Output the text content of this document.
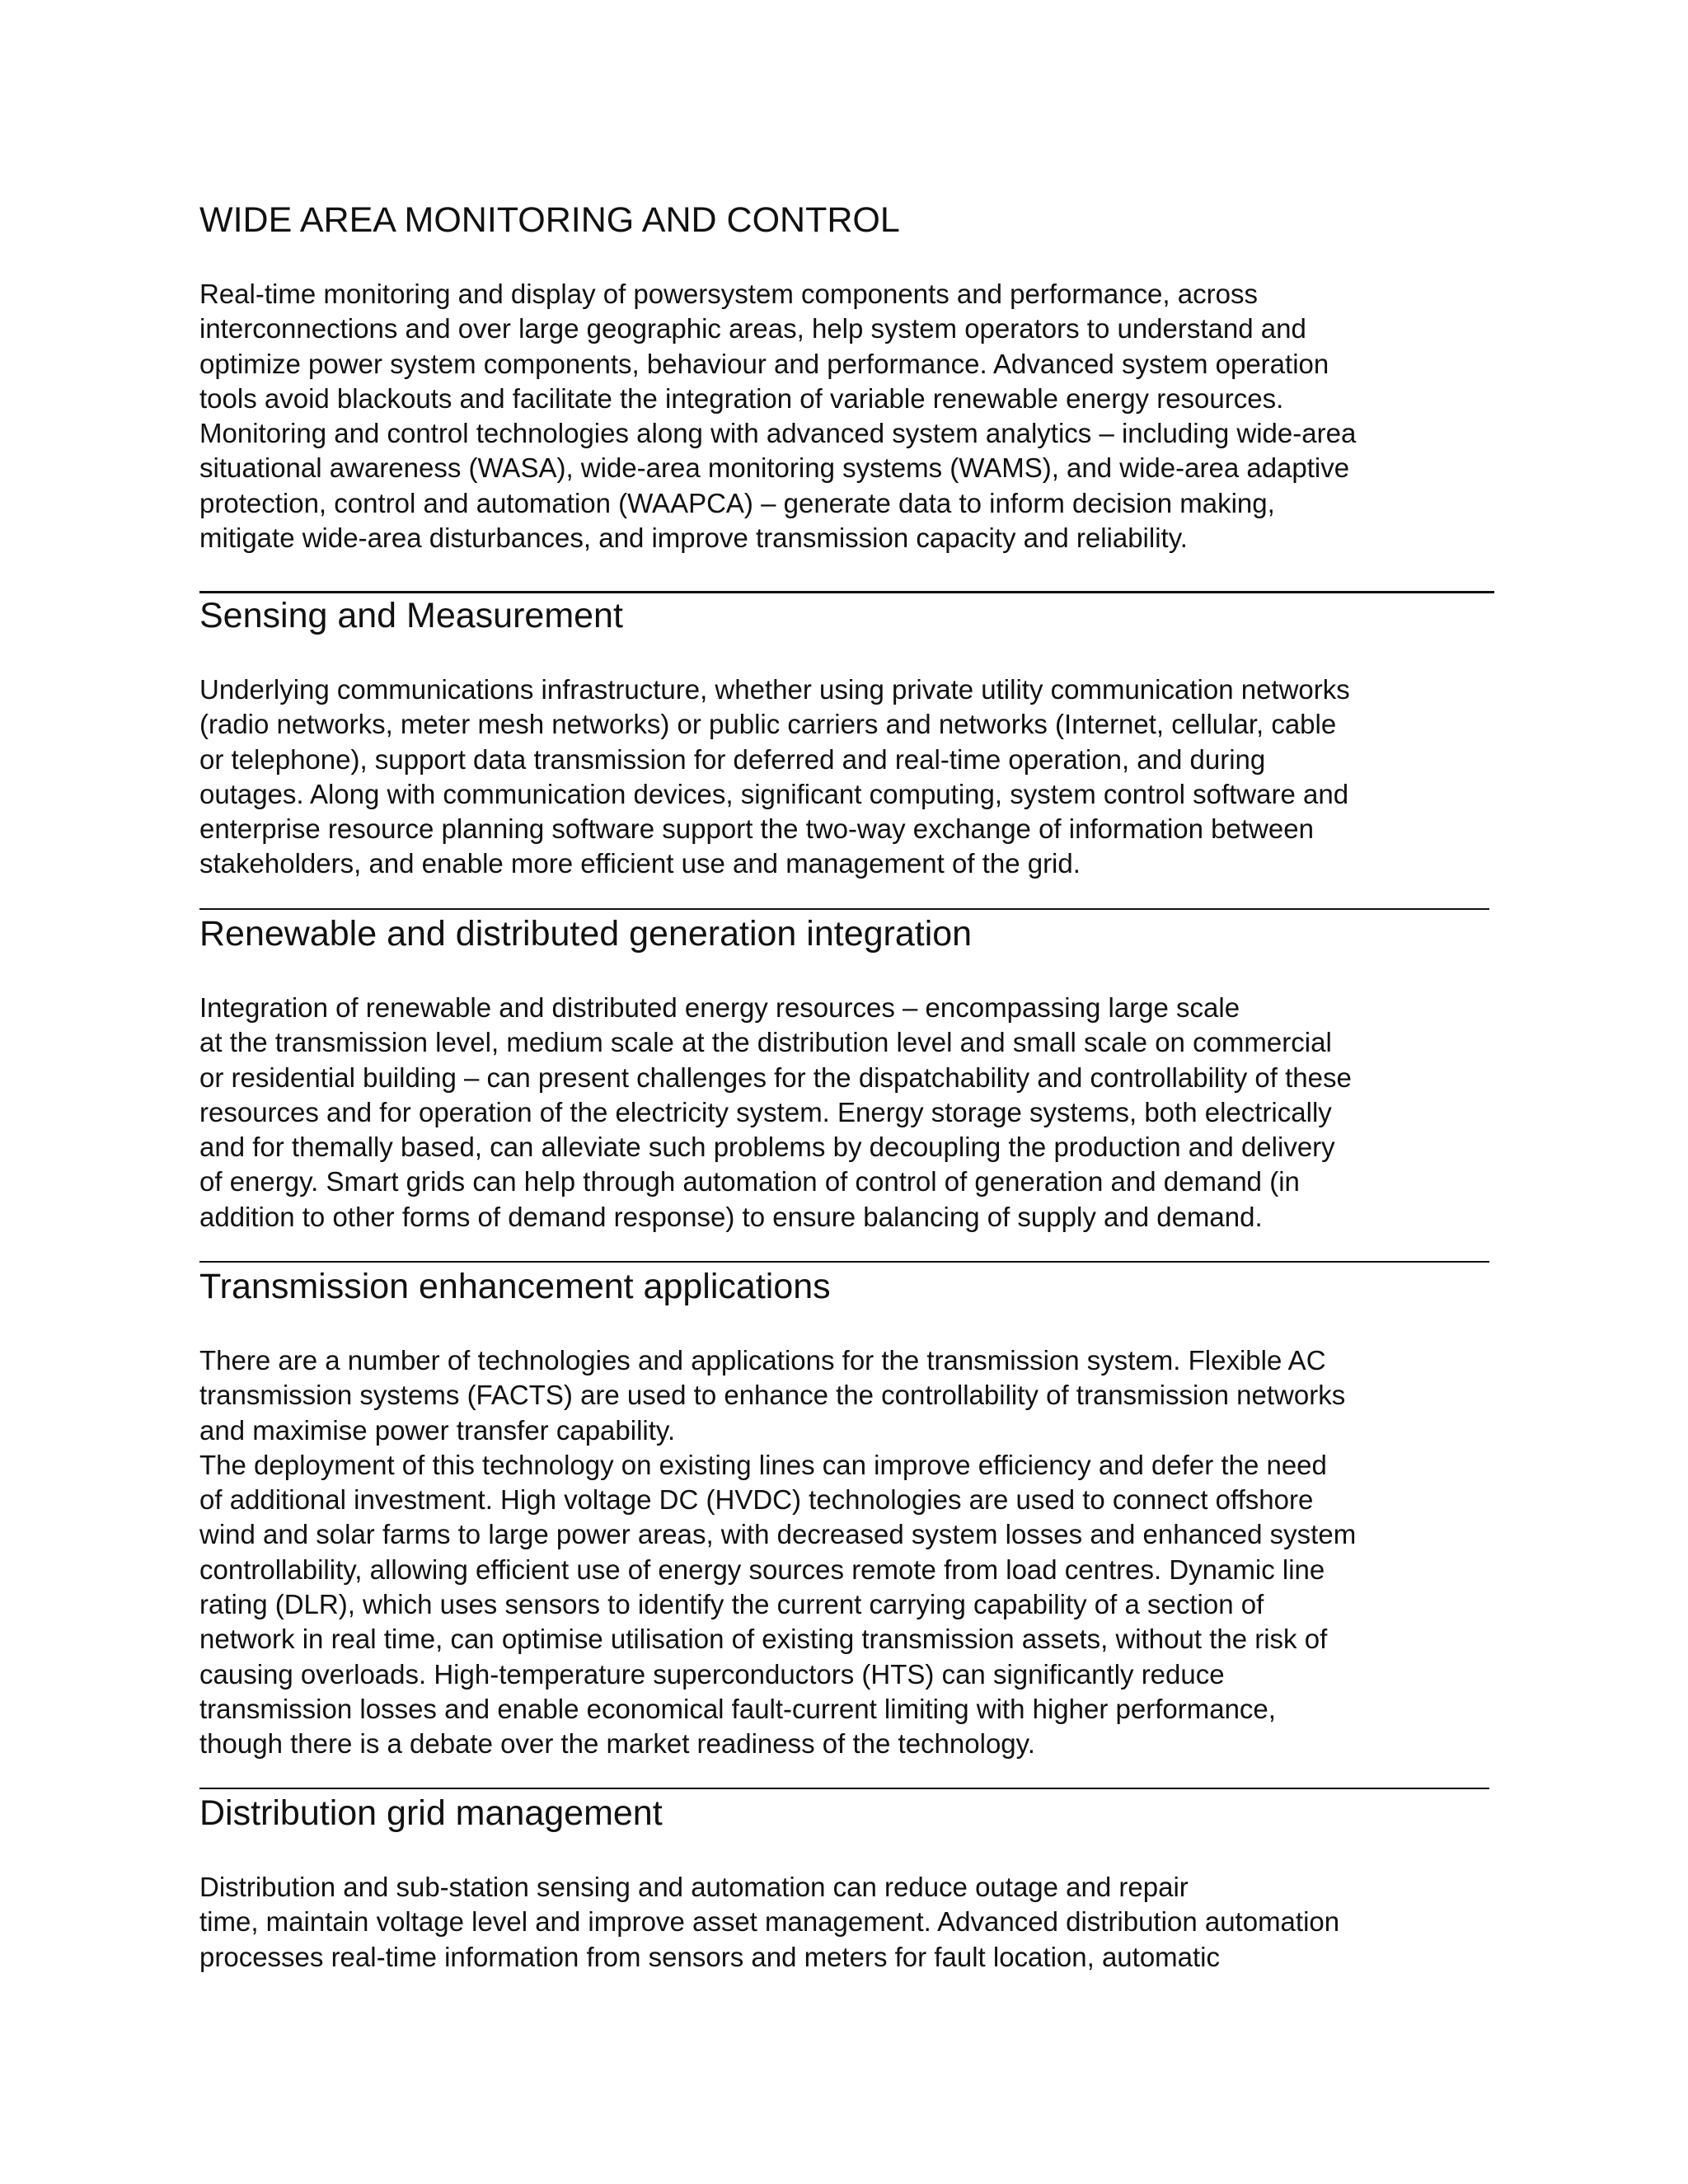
WIDE AREA MONITORING AND CONTROL

Real-time monitoring and display of powersystem components and performance, across
interconnections and over large geographic areas, help system operators to understand and
optimize power system components, behaviour and performance. Advanced system operation
tools avoid blackouts and facilitate the integration of variable renewable energy resources.
Monitoring and control technologies along with advanced system analytics – including wide-area
situational awareness (WASA), wide-area monitoring systems (WAMS), and wide-area adaptive
protection, control and automation (WAAPCA) – generate data to inform decision making,
mitigate wide-area disturbances, and improve transmission capacity and reliability.

Sensing and Measurement

Underlying communications infrastructure, whether using private utility communication networks
(radio networks, meter mesh networks) or public carriers and networks (Internet, cellular, cable
or telephone), support data transmission for deferred and real-time operation, and during
outages. Along with communication devices, significant computing, system control software and
enterprise resource planning software support the two-way exchange of information between
stakeholders, and enable more efficient use and management of the grid.

Renewable and distributed generation integration

Integration of renewable and distributed energy resources – encompassing large scale
at the transmission level, medium scale at the distribution level and small scale on commercial
or residential building – can present challenges for the dispatchability and controllability of these
resources and for operation of the electricity system. Energy storage systems, both electrically
and for themally based, can alleviate such problems by decoupling the production and delivery
of energy. Smart grids can help through automation of control of generation and demand (in
addition to other forms of demand response) to ensure balancing of supply and demand.

Transmission enhancement applications

There are a number of technologies and applications for the transmission system. Flexible AC
transmission systems (FACTS) are used to enhance the controllability of transmission networks
and maximise power transfer capability.
The deployment of this technology on existing lines can improve efficiency and defer the need
of additional investment. High voltage DC (HVDC) technologies are used to connect offshore
wind and solar farms to large power areas, with decreased system losses and enhanced system
controllability, allowing efficient use of energy sources remote from load centres. Dynamic line
rating (DLR), which uses sensors to identify the current carrying capability of a section of
network in real time, can optimise utilisation of existing transmission assets, without the risk of
causing overloads. High-temperature superconductors (HTS) can significantly reduce
transmission losses and enable economical fault-current limiting with higher performance,
though there is a debate over the market readiness of the technology.

Distribution grid management

Distribution and sub-station sensing and automation can reduce outage and repair
time, maintain voltage level and improve asset management. Advanced distribution automation
processes real-time information from sensors and meters for fault location, automatic
